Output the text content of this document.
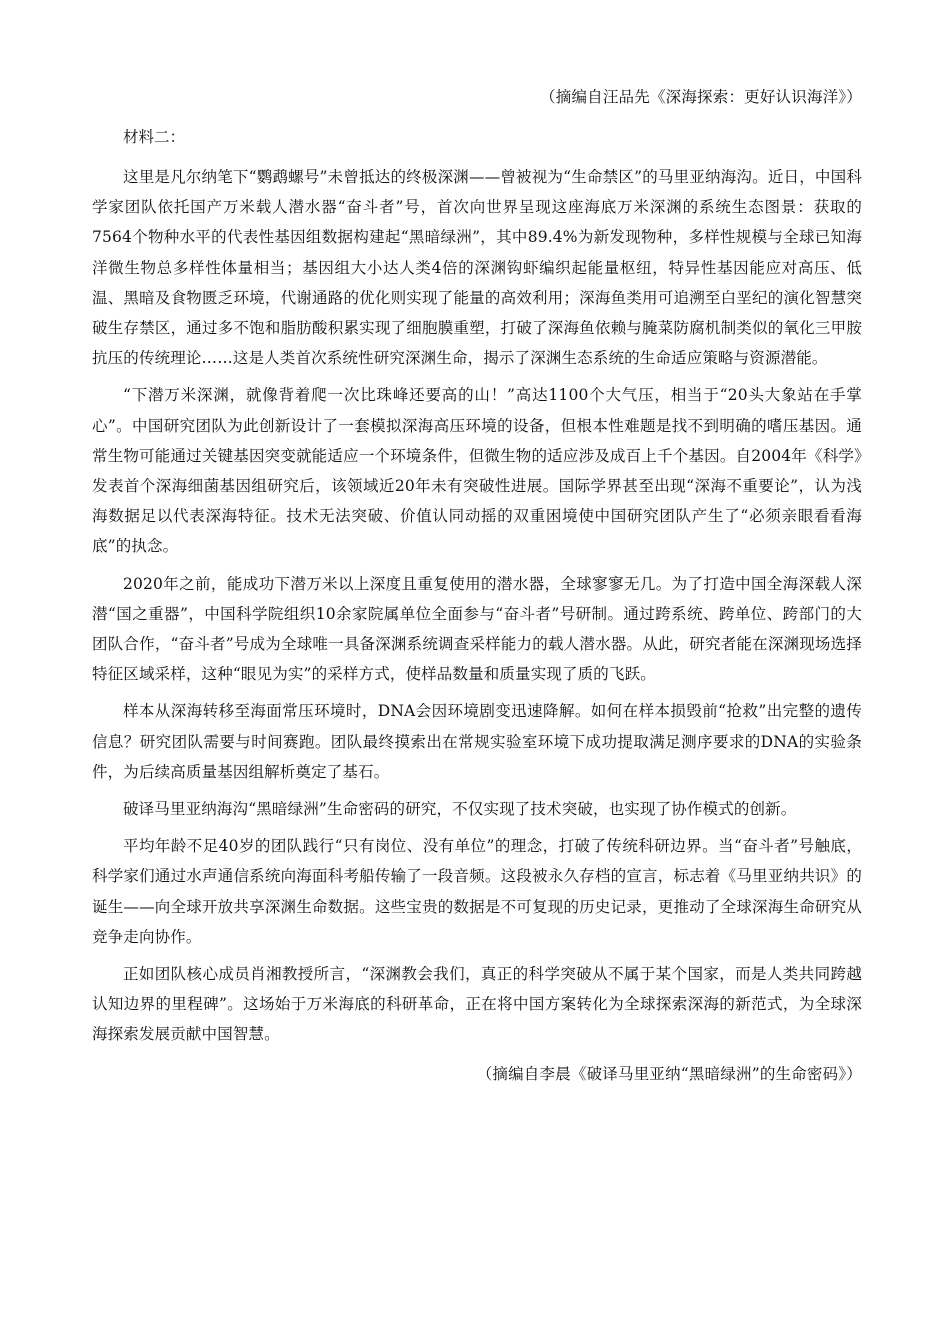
（摘编自汪品先《深海探索：更好认识海洋》）

材料二：

这里是凡尔纳笔下“鹦鹉螺号”未曾抵达的终极深渊——曾被视为“生命禁区”的马里亚纳海沟。近日，中国科学家团队依托国产万米载人潜水器“奋斗者”号，首次向世界呈现这座海底万米深渊的系统生态图景：获取的7564个物种水平的代表性基因组数据构建起“黑暗绿洲”，其中89.4%为新发现物种，多样性规模与全球已知海洋微生物总多样性体量相当；基因组大小达人类4倍的深渊钩虾编织起能量枢纽，特异性基因能应对高压、低温、黑暗及食物匮乏环境，代谢通路的优化则实现了能量的高效利用；深海鱼类用可追溯至白垩纪的演化智慧突破生存禁区，通过多不饱和脂肪酸积累实现了细胞膜重塑，打破了深海鱼依赖与腌菜防腐机制类似的氧化三甲胺抗压的传统理论……这是人类首次系统性研究深渊生命，揭示了深渊生态系统的生命适应策略与资源潜能。

“下潜万米深渊，就像背着爬一次比珠峰还要高的山！”高达1100个大气压，相当于“20头大象站在手掌心”。中国研究团队为此创新设计了一套模拟深海高压环境的设备，但根本性难题是找不到明确的嗜压基因。通常生物可能通过关键基因突变就能适应一个环境条件，但微生物的适应涉及成百上千个基因。自2004年《科学》发表首个深海细菌基因组研究后，该领域近20年未有突破性进展。国际学界甚至出现“深海不重要论”，认为浅海数据足以代表深海特征。技术无法突破、价值认同动摇的双重困境使中国研究团队产生了“必须亲眼看看海底”的执念。

2020年之前，能成功下潜万米以上深度且重复使用的潜水器，全球寥寥无几。为了打造中国全海深载人深潜“国之重器”，中国科学院组织10余家院属单位全面参与“奋斗者”号研制。通过跨系统、跨单位、跨部门的大团队合作，“奋斗者”号成为全球唯一具备深渊系统调查采样能力的载人潜水器。从此，研究者能在深渊现场选择特征区域采样，这种“眼见为实”的采样方式，使样品数量和质量实现了质的飞跃。

样本从深海转移至海面常压环境时，DNA会因环境剧变迅速降解。如何在样本损毁前“抢救”出完整的遗传信息？研究团队需要与时间赛跑。团队最终摸索出在常规实验室环境下成功提取满足测序要求的DNA的实验条件，为后续高质量基因组解析奠定了基石。

破译马里亚纳海沟“黑暗绿洲”生命密码的研究，不仅实现了技术突破，也实现了协作模式的创新。

平均年龄不足40岁的团队践行“只有岗位、没有单位”的理念，打破了传统科研边界。当“奋斗者”号触底，科学家们通过水声通信系统向海面科考船传输了一段音频。这段被永久存档的宣言，标志着《马里亚纳共识》的诞生——向全球开放共享深渊生命数据。这些宝贵的数据是不可复现的历史记录，更推动了全球深海生命研究从竞争走向协作。

正如团队核心成员肖湘教授所言，“深渊教会我们，真正的科学突破从不属于某个国家，而是人类共同跨越认知边界的里程碑”。这场始于万米海底的科研革命，正在将中国方案转化为全球探索深海的新范式，为全球深海探索发展贡献中国智慧。

（摘编自李晨《破译马里亚纳“黑暗绿洲”的生命密码》）
